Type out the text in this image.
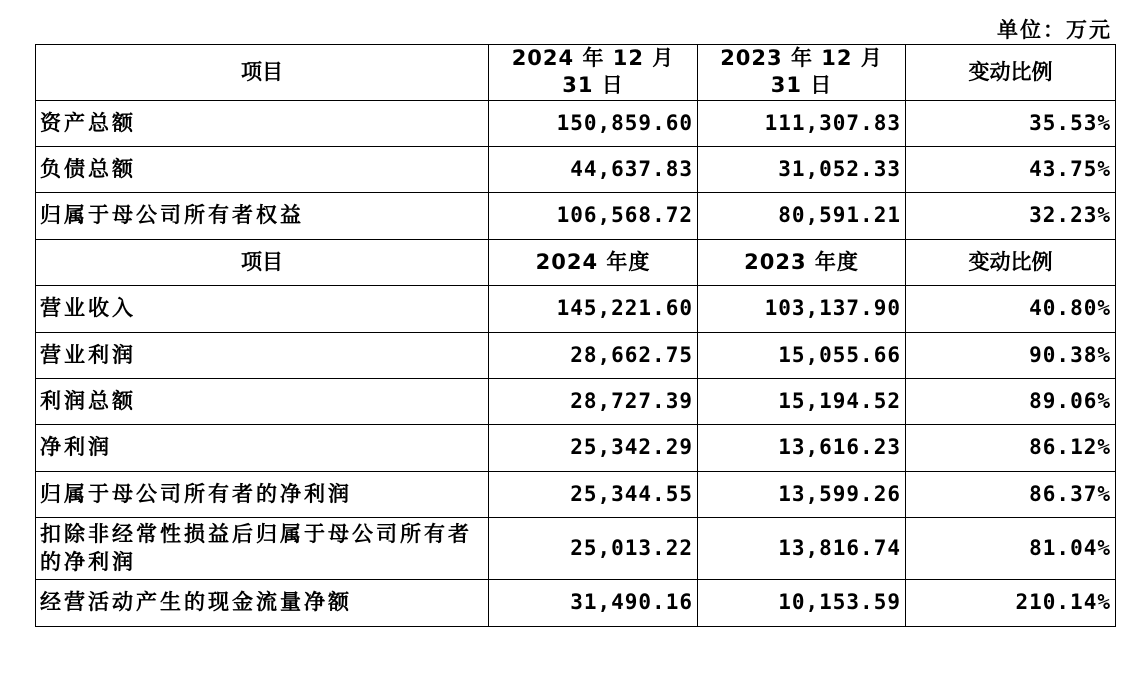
单位：万元
项目	2024 年 12 月 31 日	2023 年 12 月 31 日	变动比例
资产总额	150,859.60	111,307.83	35.53%
负债总额	44,637.83	31,052.33	43.75%
归属于母公司所有者权益	106,568.72	80,591.21	32.23%
项目	2024 年度	2023 年度	变动比例
营业收入	145,221.60	103,137.90	40.80%
营业利润	28,662.75	15,055.66	90.38%
利润总额	28,727.39	15,194.52	89.06%
净利润	25,342.29	13,616.23	86.12%
归属于母公司所有者的净利润	25,344.55	13,599.26	86.37%
扣除非经常性损益后归属于母公司所有者的净利润	25,013.22	13,816.74	81.04%
经营活动产生的现金流量净额	31,490.16	10,153.59	210.14%
